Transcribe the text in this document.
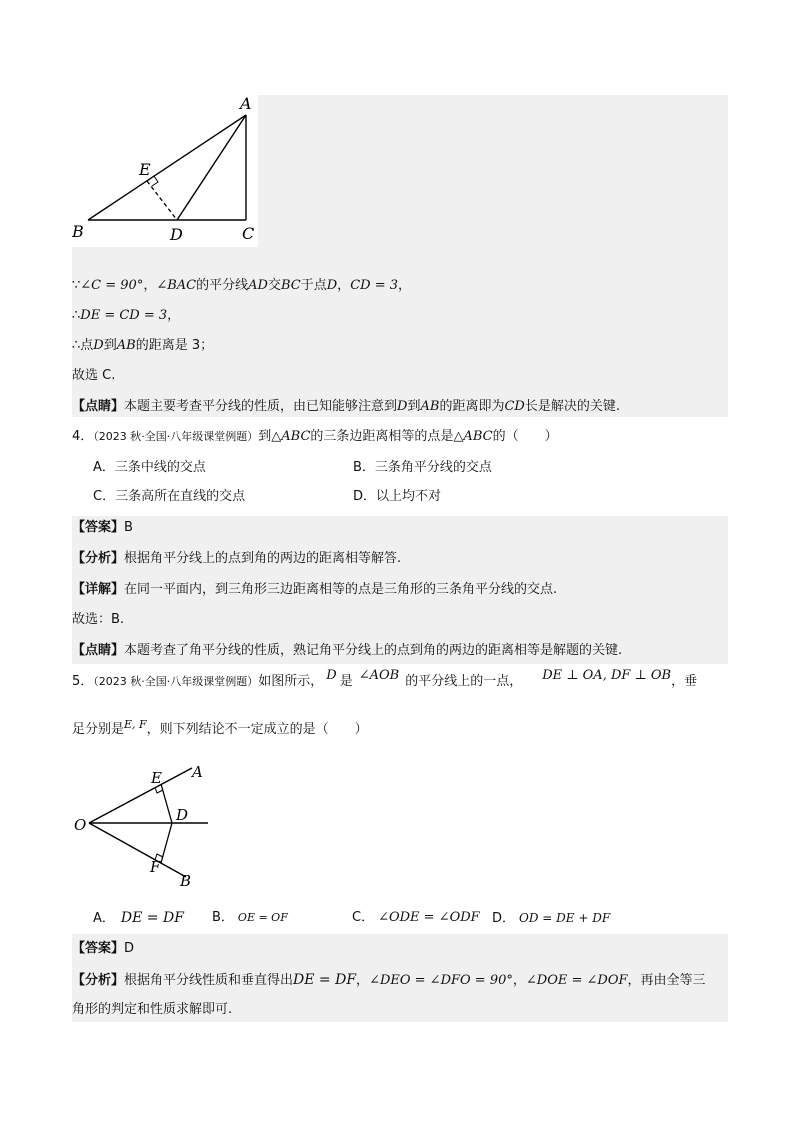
A
B	C
D
E
∵∠C = 90°，∠BAC的平分线AD交BC于点D，CD = 3，
∴DE = CD = 3，
∴点D到AB的距离是 3；
故选 C.
【点睛】本题主要考查平分线的性质，由已知能够注意到D到AB的距离即为CD长是解决的关键.
4．（2023 秋·全国·八年级课堂例题）到△ABC的三条边距离相等的点是△ABC的（　　）
A．三条中线的交点	B．三条角平分线的交点
C．三条高所在直线的交点	D．以上均不对
【答案】B
【分析】根据角平分线上的点到角的两边的距离相等解答.
【详解】在同一平面内，到三角形三边距离相等的点是三角形的三条角平分线的交点.
故选：B.
【点睛】本题考查了角平分线的性质，熟记角平分线上的点到角的两边的距离相等是解题的关键.
5．（2023 秋·全国·八年级课堂例题）如图所示， D 是 ∠AOB 的平分线上的一点， DE ⊥ OA, DF ⊥ OB，垂
足分别是$^{E, F}$，则下列结论不一定成立的是（　　）
O
A
B
D
E
F
A． DE = DF B． OE = OF	C． ∠ODE = ∠ODF D． OD = DE + DF
【答案】D
【分析】根据角平分线性质和垂直得出DE = DF，∠DEO = ∠DFO = 90°，∠DOE = ∠DOF，再由全等三
角形的判定和性质求解即可.
